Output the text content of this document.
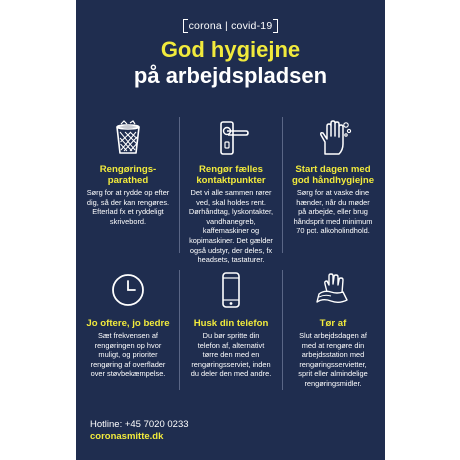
corona | covid-19
God hygiejne
på arbejdspladsen
Rengørings-
parathed
Sørg for at rydde op efter
dig, så der kan rengøres.
Efterlad fx et ryddeligt
skrivebord.
Rengør fælles
kontaktpunkter
Det vi alle sammen rører
ved, skal holdes rent.
Dørhåndtag, lyskontakter,
vandhanegreb,
kaffemaskiner og
kopimaskiner. Det gælder
også udstyr, der deles, fx
headsets, tastaturer.
Start dagen med
god håndhygiejne
Sørg for at vaske dine
hænder, når du møder
på arbejde, eller brug
håndsprit med minimum
70 pct. alkoholindhold.
Jo oftere, jo bedre
Sæt frekvensen af
rengøringen op hvor
muligt, og prioriter
rengøring af overflader
over støvbekæmpelse.
Husk din telefon
Du bør spritte din
telefon af, alternativt
tørre den med en
rengøringsserviet, inden
du deler den med andre.
Tør af
Slut arbejdsdagen af
med at rengøre din
arbejdsstation med
rengøringsservietter,
sprit eller almindelige
rengøringsmidler.
Hotline: +45 7020 0233
coronasmitte.dk
